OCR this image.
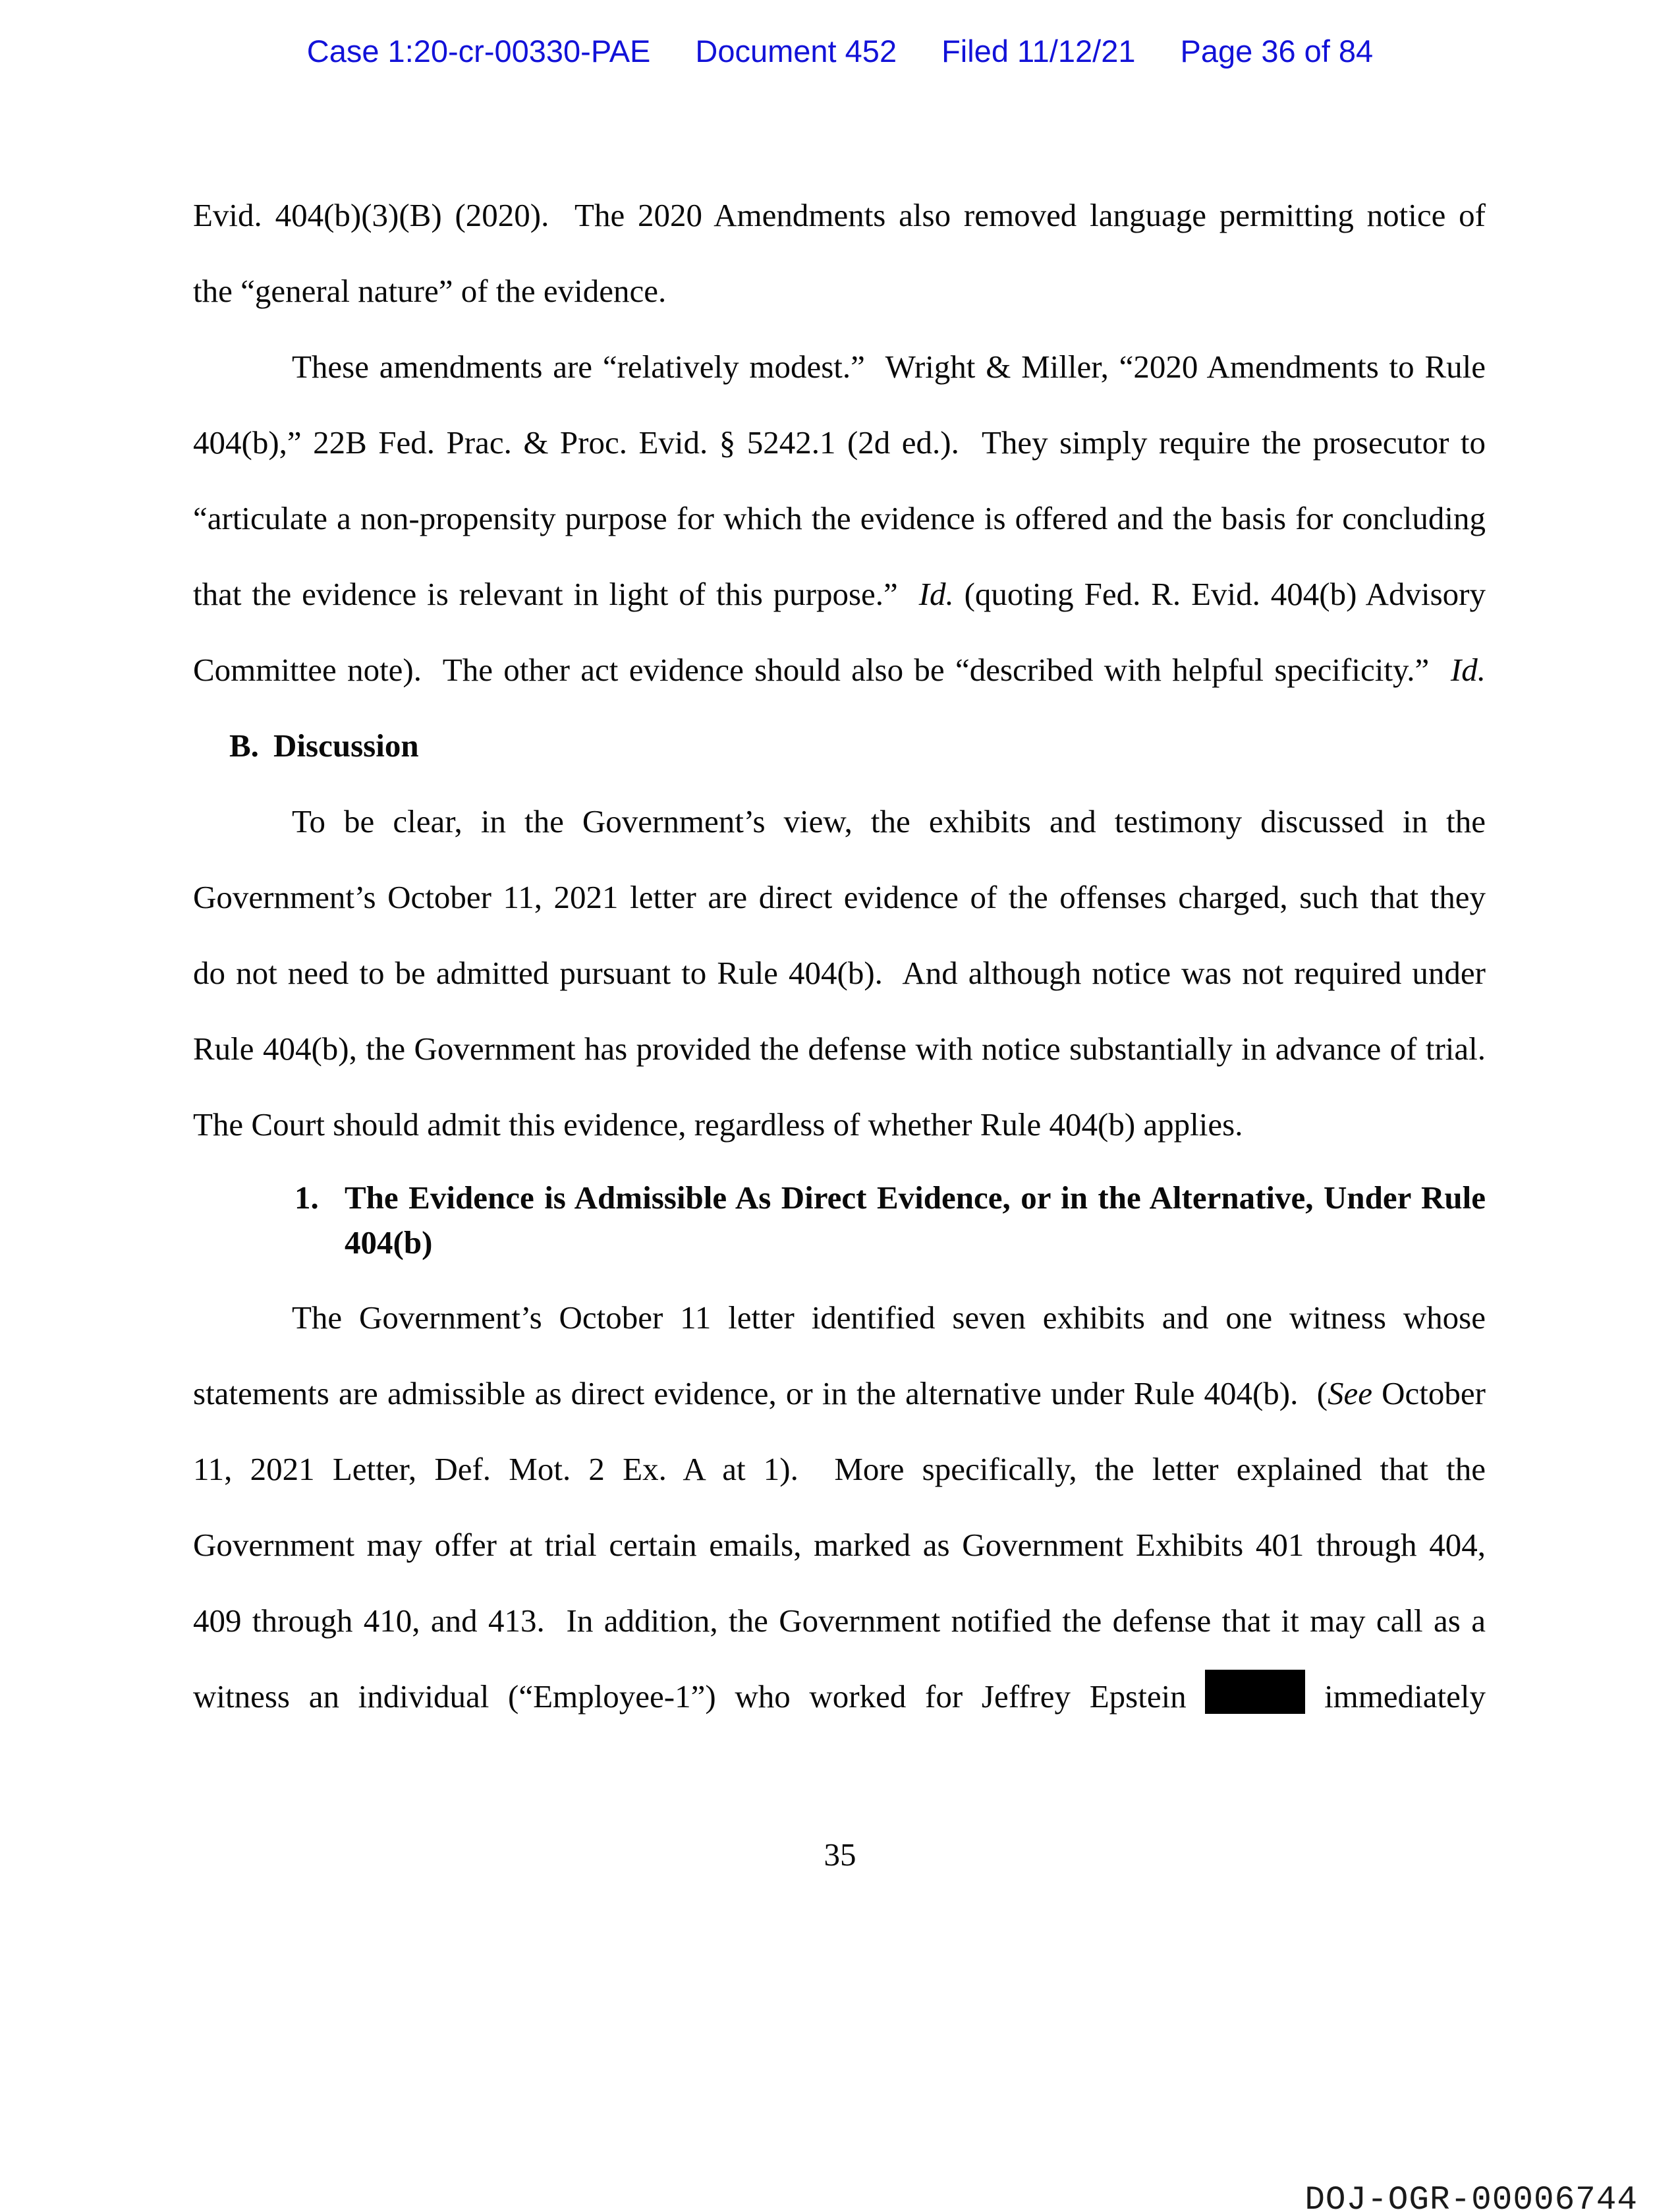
Case 1:20-cr-00330-PAE Document 452 Filed 11/12/21 Page 36 of 84
Evid. 404(b)(3)(B) (2020).  The 2020 Amendments also removed language permitting notice of
the “general nature” of the evidence.
These amendments are “relatively modest.”  Wright & Miller, “2020 Amendments to Rule
404(b),” 22B Fed. Prac. & Proc. Evid. § 5242.1 (2d ed.).  They simply require the prosecutor to
“articulate a non-propensity purpose for which the evidence is offered and the basis for concluding
that the evidence is relevant in light of this purpose.”  Id. (quoting Fed. R. Evid. 404(b) Advisory
Committee note).  The other act evidence should also be “described with helpful specificity.”  Id.
B. Discussion
To be clear, in the Government’s view, the exhibits and testimony discussed in the
Government’s October 11, 2021 letter are direct evidence of the offenses charged, such that they
do not need to be admitted pursuant to Rule 404(b).  And although notice was not required under
Rule 404(b), the Government has provided the defense with notice substantially in advance of trial.
The Court should admit this evidence, regardless of whether Rule 404(b) applies.
1. The Evidence is Admissible As Direct Evidence, or in the Alternative, Under Rule
404(b)
The Government’s October 11 letter identified seven exhibits and one witness whose
statements are admissible as direct evidence, or in the alternative under Rule 404(b).  (See October
11, 2021 Letter, Def. Mot. 2 Ex. A at 1).  More specifically, the letter explained that the
Government may offer at trial certain emails, marked as Government Exhibits 401 through 404,
409 through 410, and 413.  In addition, the Government notified the defense that it may call as a
witness an individual (“Employee-1”) who worked for Jeffrey Epstein	immediately
35
DOJ-OGR-00006744
